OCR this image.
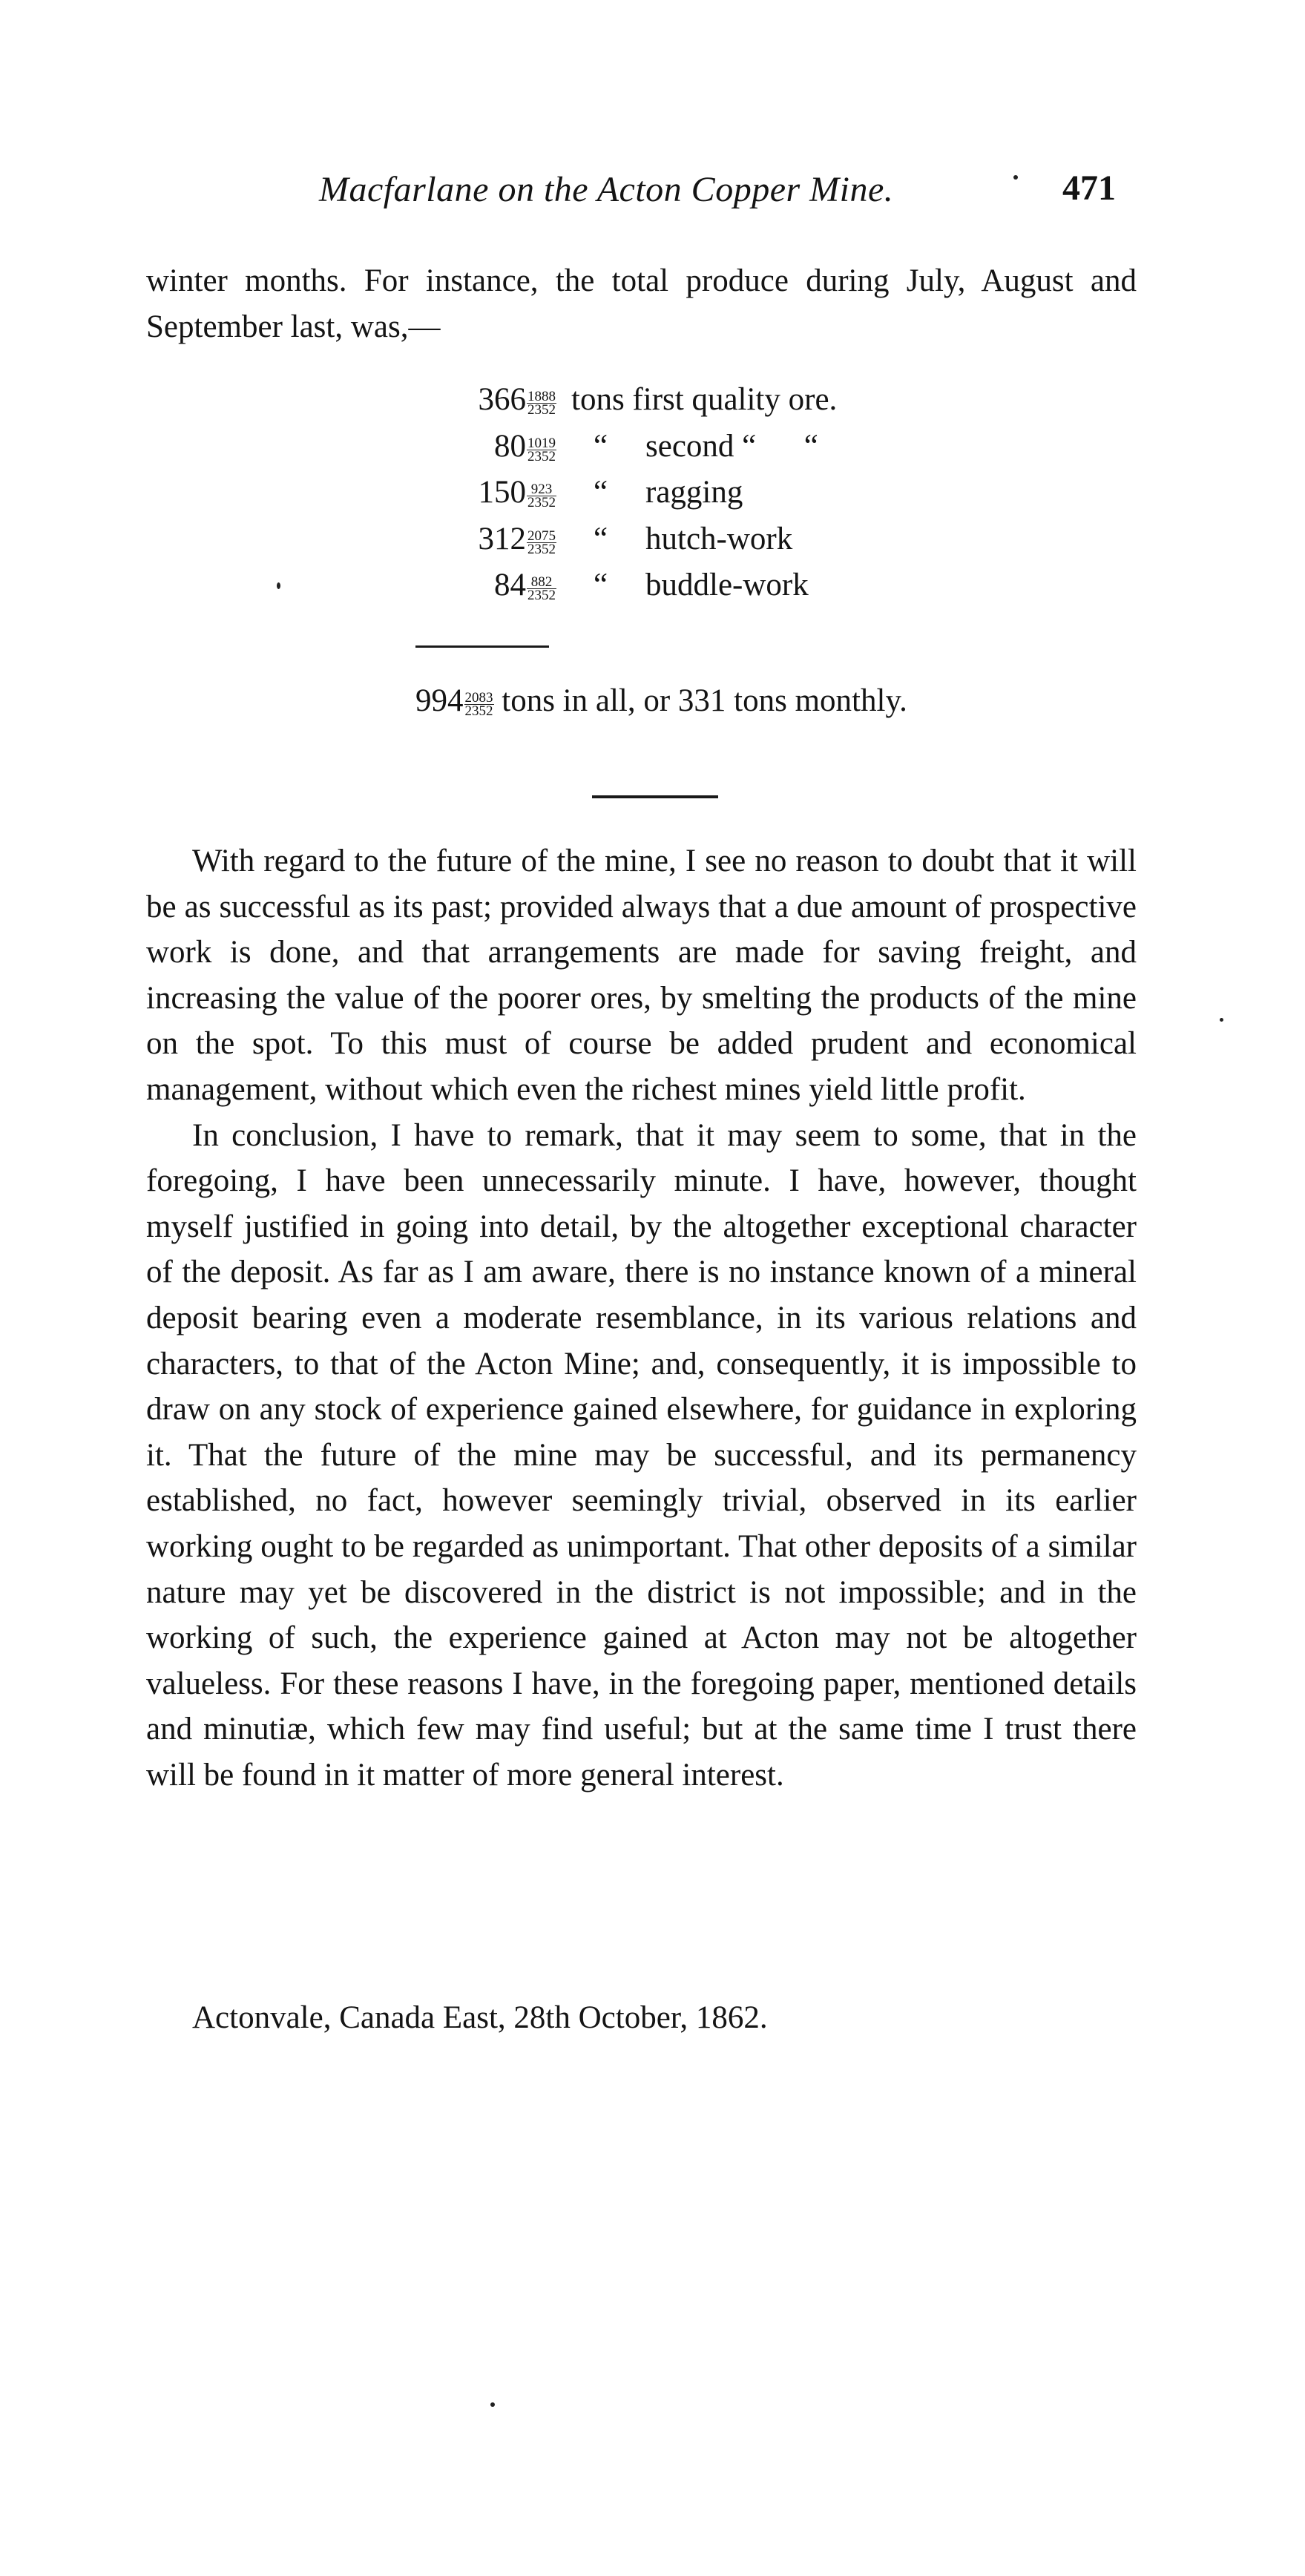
Macfarlane on the Acton Copper Mine.	471

winter months. For instance, the total produce during July, August and September last, was,—

$366 \frac{1888}{2352}$ tons first quality ore.
$80 \frac{1019}{2352}$ “ second “      “
$150 \frac{923}{2352}$ “ ragging
$312 \frac{2075}{2352}$ “ hutch-work
$84 \frac{882}{2352}$ “ buddle-work
$994 \frac{2083}{2352}$ tons in all, or 331 tons monthly.

With regard to the future of the mine, I see no reason to doubt that it will be as successful as its past; provided always that a due amount of prospective work is done, and that arrangements are made for saving freight, and increasing the value of the poorer ores, by smelting the products of the mine on the spot. To this must of course be added prudent and economical management, without which even the richest mines yield little profit.

In conclusion, I have to remark, that it may seem to some, that in the foregoing, I have been unnecessarily minute. I have, however, thought myself justified in going into detail, by the altogether exceptional character of the deposit. As far as I am aware, there is no instance known of a mineral deposit bearing even a moderate resemblance, in its various relations and characters, to that of the Acton Mine; and, consequently, it is impossible to draw on any stock of experience gained elsewhere, for guidance in exploring it. That the future of the mine may be successful, and its permanency established, no fact, however seemingly trivial, observed in its earlier working ought to be regarded as unimportant. That other deposits of a similar nature may yet be discovered in the district is not impossible; and in the working of such, the experience gained at Acton may not be altogether valueless. For these reasons I have, in the foregoing paper, mentioned details and minutiæ, which few may find useful; but at the same time I trust there will be found in it matter of more general interest.

Actonvale, Canada East, 28th October, 1862.
